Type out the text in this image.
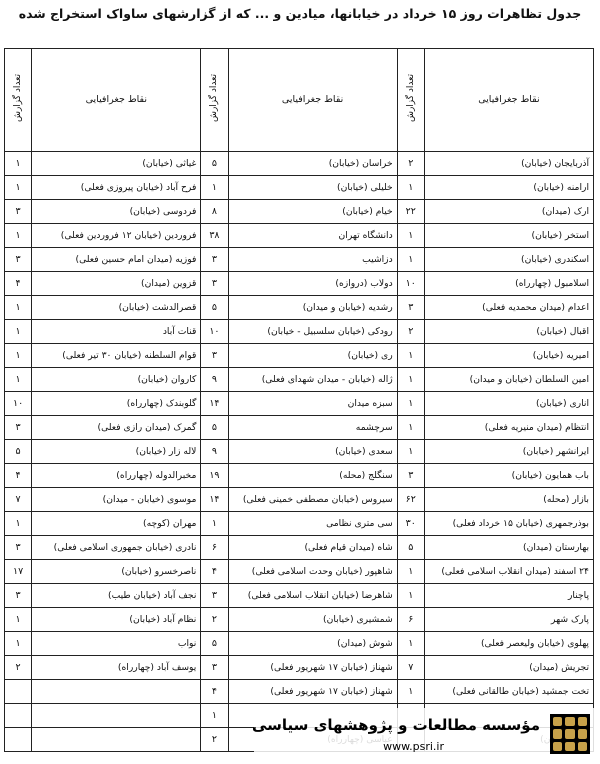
جدول تظاهرات روز ۱۵ خرداد در خیابانها، میادین و ... که از گزارشهای ساواک استخراج شده
نقاط جغرافیایی	تعداد گزارش	نقاط جغرافیایی	تعداد گزارش	نقاط جغرافیایی	تعداد گزارش
آذربایجان (خیابان)	۲	خراسان (خیابان)	۵	غیاثی (خیابان)	۱
ارامنه (خیابان)	۱	خلیلی (خیابان)	۱	فرح آباد (خیابان پیروزی فعلی)	۱
ارک (میدان)	۲۲	خیام (خیابان)	۸	فردوسی (خیابان)	۳
استخر (خیابان)	۱	دانشگاه تهران	۳۸	فروردین (خیابان ۱۲ فروردین فعلی)	۱
اسکندری (خیابان)	۱	دزاشیب	۳	فوزیه (میدان امام حسین فعلی)	۳
اسلامبول (چهارراه)	۱۰	دولاب (دروازه)	۳	قزوین (میدان)	۴
اعدام (میدان محمدیه فعلی)	۳	رشدیه (خیابان و میدان)	۵	قصرالدشت (خیابان)	۱
اقبال (خیابان)	۲	رودکی (خیابان سلسبیل - خیابان)	۱۰	قنات آباد	۱
امیریه (خیابان)	۱	ری (خیابان)	۳	قوام السلطنه (خیابان ۳۰ تیر فعلی)	۱
امین السلطان (خیابان و میدان)	۱	ژاله (خیابان - میدان شهدای فعلی)	۹	کاروان (خیابان)	۱
اناری (خیابان)	۱	سبزه میدان	۱۴	گلوبندک (چهارراه)	۱۰
انتظام (میدان منیریه فعلی)	۱	سرچشمه	۵	گمرک (میدان رازی فعلی)	۳
ایرانشهر (خیابان)	۱	سعدی (خیابان)	۹	لاله زار (خیابان)	۵
باب همایون (خیابان)	۳	سنگلج (محله)	۱۹	مخبرالدوله (چهارراه)	۴
بازار (محله)	۶۲	سیروس (خیابان مصطفی خمینی فعلی)	۱۴	موسوی (خیابان - میدان)	۷
بوذرجمهری (خیابان ۱۵ خرداد فعلی)	۳۰	سی متری نظامی	۱	مهران (کوچه)	۱
بهارستان (میدان)	۵	شاه (میدان قیام فعلی)	۶	نادری (خیابان جمهوری اسلامی فعلی)	۳
۲۴ اسفند (میدان انقلاب اسلامی فعلی)	۱	شاهپور (خیابان وحدت اسلامی فعلی)	۴	ناصرخسرو (خیابان)	۱۷
پاچنار	۱	شاهرضا (خیابان انقلاب اسلامی فعلی)	۳	نجف آباد (خیابان طیب)	۳
پارک شهر	۶	شمشیری (خیابان)	۲	نظام آباد (خیابان)	۱
پهلوی (خیابان ولیعصر فعلی)	۱	شوش (میدان)	۵	نواب	۱
تجریش (میدان)	۷	شهناز (خیابان ۱۷ شهریور فعلی)	۳	یوسف آباد (چهارراه)	۲
تخت جمشید (خیابان طالقانی فعلی)	۱	شهناز (خیابان ۱۷ شهریور فعلی)	۴		
			۱		
			۲		
مؤسسه مطالعات و پژوهشهای سیاسی
www.psri.ir
